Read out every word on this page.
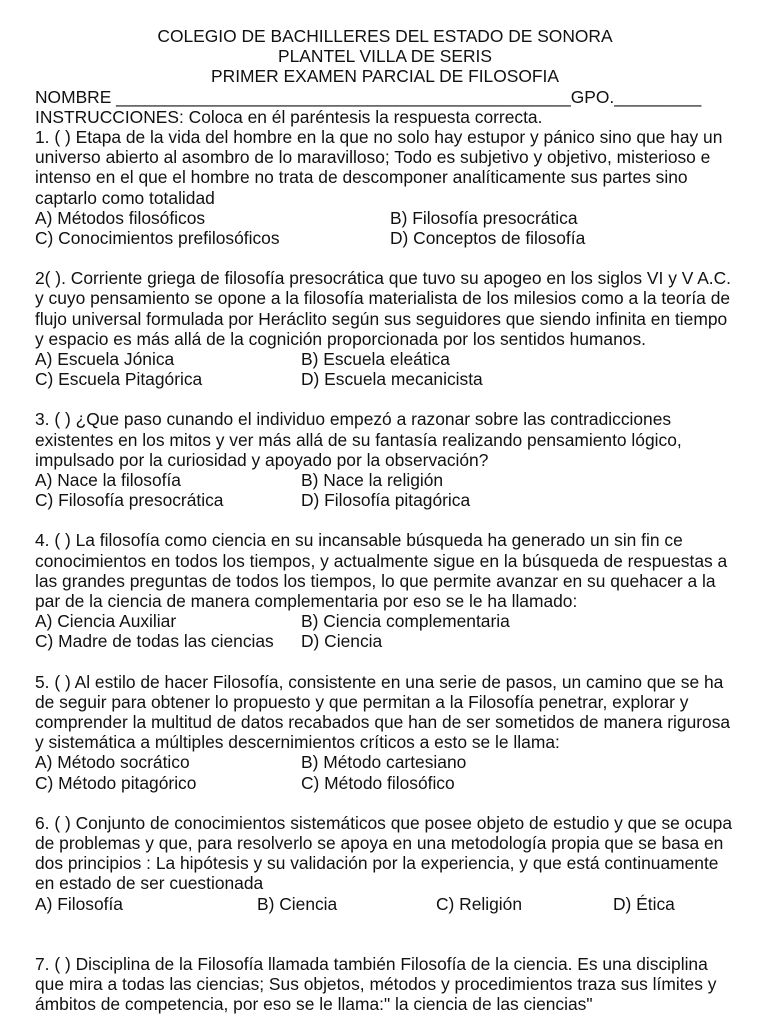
COLEGIO DE BACHILLERES DEL ESTADO DE SONORA
PLANTEL VILLA DE SERIS
PRIMER EXAMEN PARCIAL DE FILOSOFIA
NOMBRE _______________________________________________GPO._________
INSTRUCCIONES: Coloca en él paréntesis la respuesta correcta.
1. ( ) Etapa de la vida del hombre en la que no solo hay estupor y pánico sino que hay un universo abierto al asombro de lo maravilloso; Todo es subjetivo y objetivo, misterioso e intenso en el que el hombre no trata de descomponer analíticamente sus partes sino captarlo como totalidad
A) Métodos filosóficos	B) Filosofía presocrática
C) Conocimientos prefilosóficos	D) Conceptos de filosofía
2( ). Corriente griega de filosofía presocrática que tuvo su apogeo en los siglos VI y V A.C. y cuyo pensamiento se opone a la filosofía materialista de los milesios como a la teoría de flujo universal formulada por Heráclito según sus seguidores que siendo infinita en tiempo y espacio es más allá de la cognición proporcionada por los sentidos humanos.
A) Escuela Jónica	B) Escuela eleática
C) Escuela Pitagórica	D) Escuela mecanicista
3. ( ) ¿Que paso cunando el individuo empezó a razonar sobre las contradicciones existentes en los mitos y ver más allá de su fantasía realizando pensamiento lógico, impulsado por la curiosidad y apoyado por la observación?
A) Nace la filosofía	B) Nace la religión
C) Filosofía presocrática	D) Filosofía pitagórica
4. ( ) La filosofía como ciencia en su incansable búsqueda ha generado un sin fin ce conocimientos en todos los tiempos, y actualmente sigue en la búsqueda de respuestas a las grandes preguntas de todos los tiempos, lo que permite avanzar en su quehacer a la par de la ciencia de manera complementaria por eso se le ha llamado:
A) Ciencia Auxiliar	B) Ciencia complementaria
C) Madre de todas las ciencias D) Ciencia
5. ( ) Al estilo de hacer Filosofía, consistente en una serie de pasos, un camino que se ha de seguir para obtener lo propuesto y que permitan a la Filosofía penetrar, explorar y comprender la multitud de datos recabados que han de ser sometidos de manera rigurosa y sistemática a múltiples descernimientos críticos a esto se le llama:
A) Método socrático	B) Método cartesiano
C) Método pitagórico	C) Método filosófico
6. ( ) Conjunto de conocimientos sistemáticos que posee objeto de estudio y que se ocupa de problemas y que, para resolverlo se apoya en una metodología propia que se basa en dos principios : La hipótesis y su validación por la experiencia, y que está continuamente en estado de ser cuestionada
A) Filosofía	B) Ciencia	C) Religión	D) Ética
7. ( ) Disciplina de la Filosofía llamada también Filosofía de la ciencia. Es una disciplina que mira a todas las ciencias; Sus objetos, métodos y procedimientos traza sus límites y ámbitos de competencia, por eso se le llama:" la ciencia de las ciencias"
